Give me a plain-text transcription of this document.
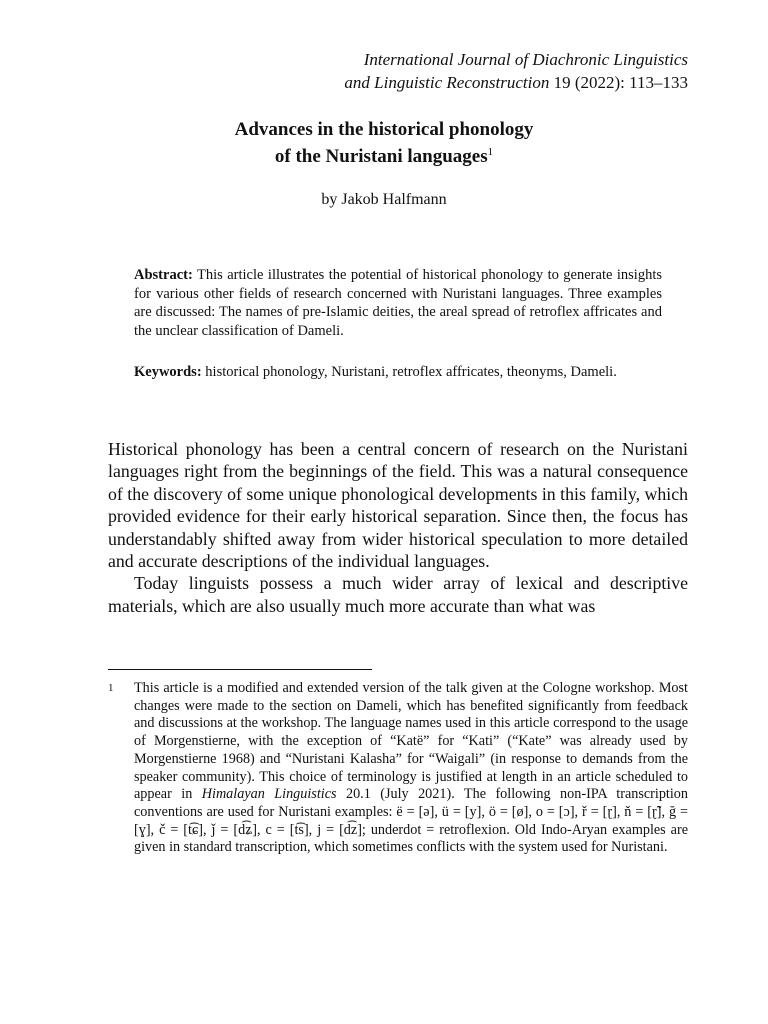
International Journal of Diachronic Linguistics
and Linguistic Reconstruction 19 (2022): 113–133
Advances in the historical phonology
of the Nuristani languages$^1$
by Jakob Halfmann
Abstract: This article illustrates the potential of historical phonology to generate insights for various other fields of research concerned with Nuristani languages. Three examples are discussed: The names of pre-Islamic deities, the areal spread of retroflex affricates and the unclear classification of Dameli.
Keywords: historical phonology, Nuristani, retroflex affricates, theonyms, Dameli.

Historical phonology has been a central concern of research on the Nuristani languages right from the beginnings of the field. This was a natural consequence of the discovery of some unique phonological developments in this family, which provided evidence for their early historical separation. Since then, the focus has understandably shifted away from wider historical speculation to more detailed and accurate descriptions of the individual languages.

Today linguists possess a much wider array of lexical and descriptive materials, which are also usually much more accurate than what was

1 This article is a modified and extended version of the talk given at the Cologne workshop. Most changes were made to the section on Dameli, which has benefited significantly from feedback and discussions at the workshop. The language names used in this article correspond to the usage of Morgenstierne, with the exception of “Katë” for “Kati” (“Kate” was already used by Morgenstierne 1968) and “Nuristani Kalasha” for “Waigali” (in response to demands from the speaker community). This choice of terminology is justified at length in an article scheduled to appear in Himalayan Linguistics 20.1 (July 2021). The following non-IPA transcription conventions are used for Nuristani examples: ë = [ə], ü = [y], ö = [ø], o = [ɔ], ř = [ɽ], ň = [ɽ̃], ğ = [ɣ], č = [t͡ɕ], ǰ = [d͡ʑ], c = [t͡s], j = [d͡z]; underdot = retroflexion. Old Indo-Aryan examples are given in standard transcription, which sometimes conflicts with the system used for Nuristani.
